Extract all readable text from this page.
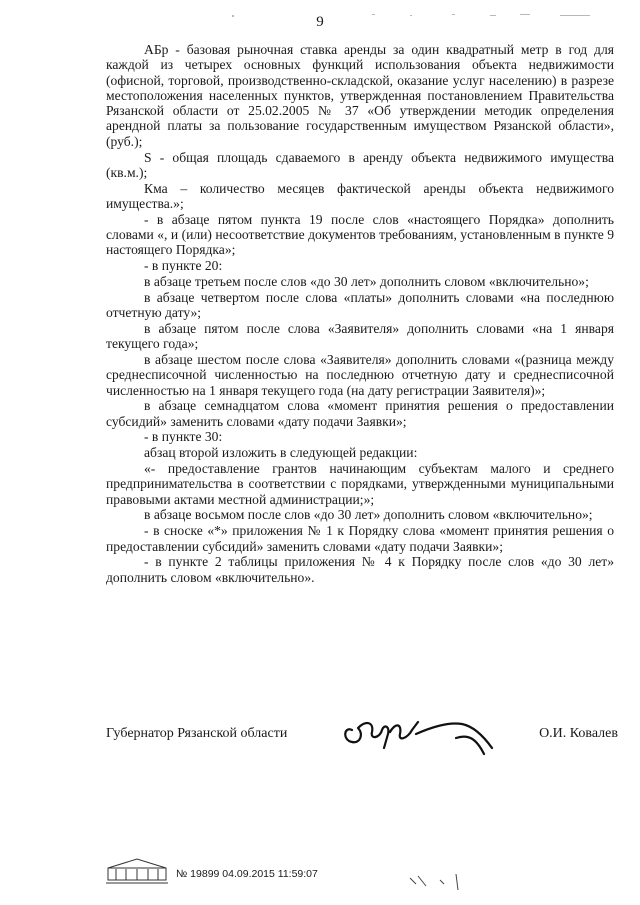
9

АБр - базовая рыночная ставка аренды за один квадратный метр в год для каждой из четырех основных функций использования объекта недвижимости (офисной, торговой, производственно-складской, оказание услуг населению) в разрезе местоположения населенных пунктов, утвержденная постановлением Правительства Рязанской области от 25.02.2005 № 37 «Об утверждении методик определения арендной платы за пользование государственным имуществом Рязанской области»,(руб.);

S - общая площадь сдаваемого в аренду объекта недвижимого имущества (кв.м.);

Кма – количество месяцев фактической аренды объекта недвижимого имущества.»;

- в абзаце пятом пункта 19 после слов «настоящего Порядка» дополнить словами «, и (или) несоответствие документов требованиям, установленным в пункте 9 настоящего Порядка»;

- в пункте 20:

в абзаце третьем после слов «до 30 лет» дополнить словом «включительно»;

в абзаце четвертом после слова «платы» дополнить словами «на последнюю отчетную дату»;

в абзаце пятом после слова «Заявителя» дополнить словами «на 1 января текущего года»;

в абзаце шестом после слова «Заявителя» дополнить словами «(разница между среднесписочной численностью на последнюю отчетную дату и среднесписочной численностью на 1 января текущего года (на дату регистрации Заявителя)»;

в абзаце семнадцатом слова «момент принятия решения о предоставлении субсидий» заменить словами «дату подачи Заявки»;

- в пункте 30:

абзац второй изложить в следующей редакции:

«- предоставление грантов начинающим субъектам малого и среднего предпринимательства в соответствии с порядками, утвержденными муниципальными правовыми актами местной администрации;»;

в абзаце восьмом после слов «до 30 лет» дополнить словом «включительно»;

- в сноске «*» приложения № 1 к Порядку слова «момент принятия решения о предоставлении субсидий» заменить словами «дату подачи Заявки»;

- в пункте 2 таблицы приложения № 4 к Порядку после слов «до 30 лет» дополнить словом «включительно».

Губернатор Рязанской области	О.И. Ковалев
№ 19899 04.09.2015 11:59:07
